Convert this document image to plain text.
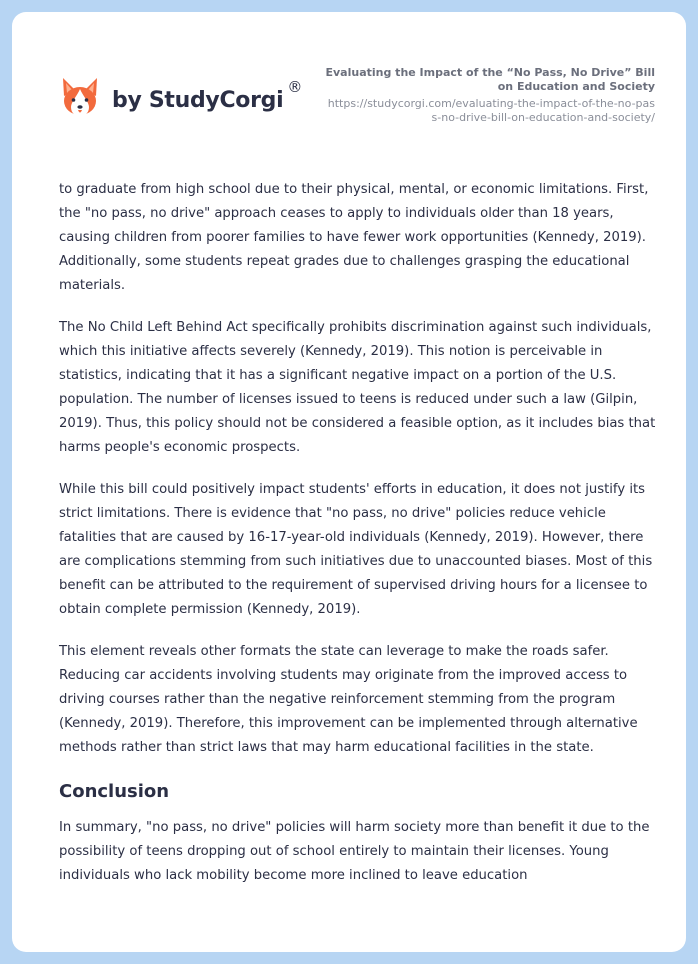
by StudyCorgi
®
Evaluating the Impact of the “No Pass, No Drive” Bill on Education and Society
https://studycorgi.com/evaluating-the-impact-of-the-no-pass-no-drive-bill-on-education-and-society/

to graduate from high school due to their physical, mental, or economic limitations. First, the "no pass, no drive" approach ceases to apply to individuals older than 18 years, causing children from poorer families to have fewer work opportunities (Kennedy, 2019). Additionally, some students repeat grades due to challenges grasping the educational materials.

The No Child Left Behind Act specifically prohibits discrimination against such individuals, which this initiative affects severely (Kennedy, 2019). This notion is perceivable in statistics, indicating that it has a significant negative impact on a portion of the U.S. population. The number of licenses issued to teens is reduced under such a law (Gilpin, 2019). Thus, this policy should not be considered a feasible option, as it includes bias that harms people's economic prospects.

While this bill could positively impact students' efforts in education, it does not justify its strict limitations. There is evidence that "no pass, no drive" policies reduce vehicle fatalities that are caused by 16-17-year-old individuals (Kennedy, 2019). However, there are complications stemming from such initiatives due to unaccounted biases. Most of this benefit can be attributed to the requirement of supervised driving hours for a licensee to obtain complete permission (Kennedy, 2019).

This element reveals other formats the state can leverage to make the roads safer. Reducing car accidents involving students may originate from the improved access to driving courses rather than the negative reinforcement stemming from the program (Kennedy, 2019). Therefore, this improvement can be implemented through alternative methods rather than strict laws that may harm educational facilities in the state.

Conclusion

In summary, "no pass, no drive" policies will harm society more than benefit it due to the possibility of teens dropping out of school entirely to maintain their licenses. Young individuals who lack mobility become more inclined to leave education
